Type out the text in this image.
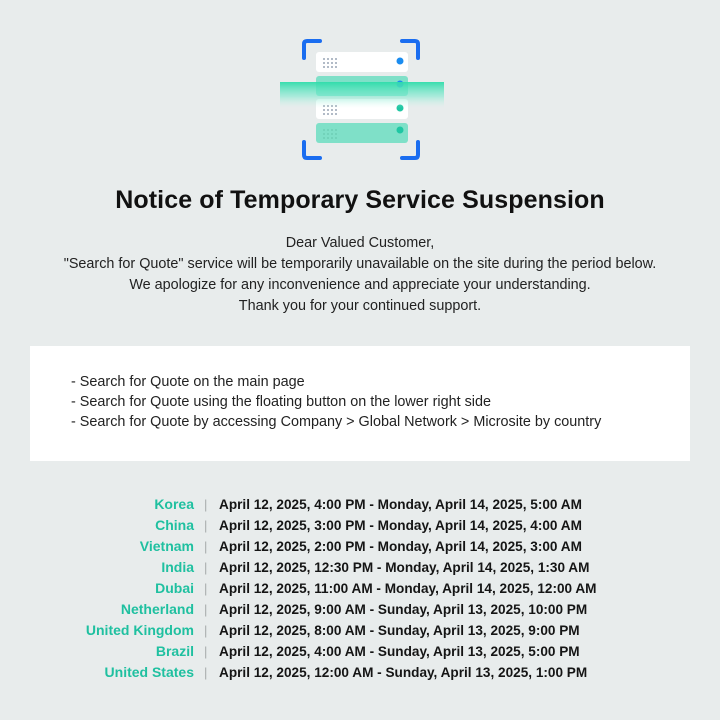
Notice of Temporary Service Suspension
Dear Valued Customer,
"Search for Quote" service will be temporarily unavailable on the site during the period below.
We apologize for any inconvenience and appreciate your understanding.
Thank you for your continued support.
- Search for Quote on the main page
- Search for Quote using the floating button on the lower right side
- Search for Quote by accessing Company > Global Network > Microsite by country
Korea | April 12, 2025, 4:00 PM - Monday, April 14, 2025, 5:00 AM
China | April 12, 2025, 3:00 PM - Monday, April 14, 2025, 4:00 AM
Vietnam | April 12, 2025, 2:00 PM - Monday, April 14, 2025, 3:00 AM
India | April 12, 2025, 12:30 PM - Monday, April 14, 2025, 1:30 AM
Dubai | April 12, 2025, 11:00 AM - Monday, April 14, 2025, 12:00 AM
Netherland | April 12, 2025, 9:00 AM - Sunday, April 13, 2025, 10:00 PM
United Kingdom | April 12, 2025, 8:00 AM - Sunday, April 13, 2025, 9:00 PM
Brazil | April 12, 2025, 4:00 AM - Sunday, April 13, 2025, 5:00 PM
United States | April 12, 2025, 12:00 AM - Sunday, April 13, 2025, 1:00 PM
